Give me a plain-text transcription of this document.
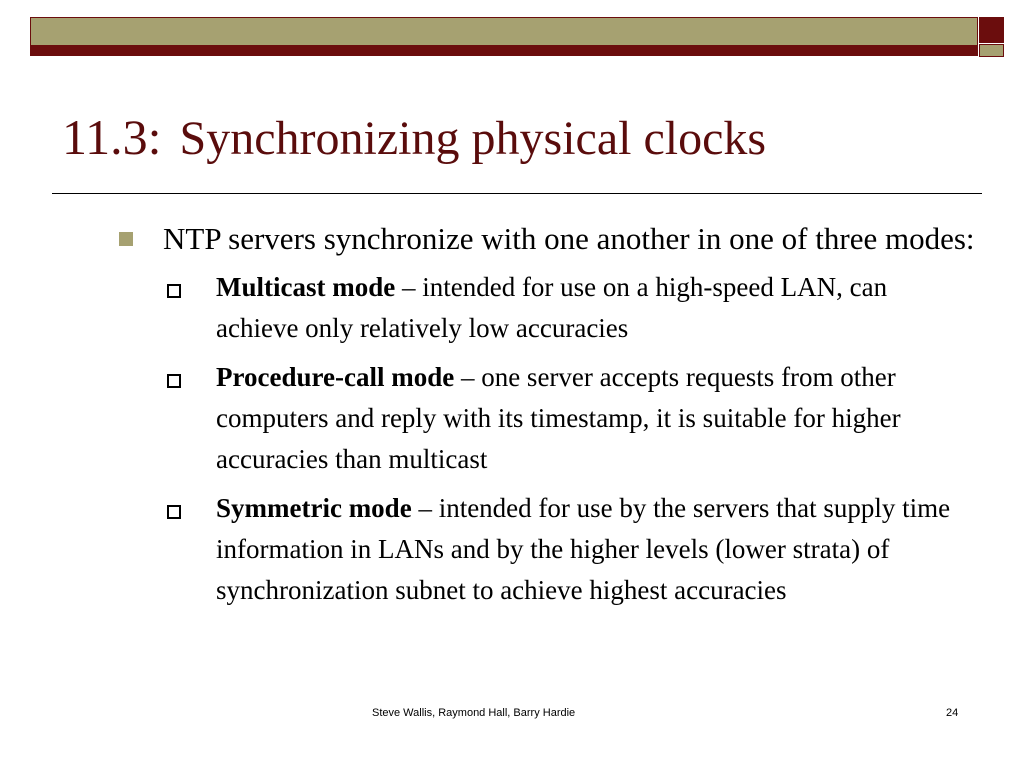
11.3: Synchronizing physical clocks
NTP servers synchronize with one another in one of three modes:
Multicast mode – intended for use on a high-speed LAN, can achieve only relatively low accuracies
Procedure-call mode – one server accepts requests from other computers and reply with its timestamp, it is suitable for higher accuracies than multicast
Symmetric mode – intended for use by the servers that supply time information in LANs and by the higher levels (lower strata) of synchronization subnet to achieve highest accuracies
Steve Wallis, Raymond Hall, Barry Hardie	24
